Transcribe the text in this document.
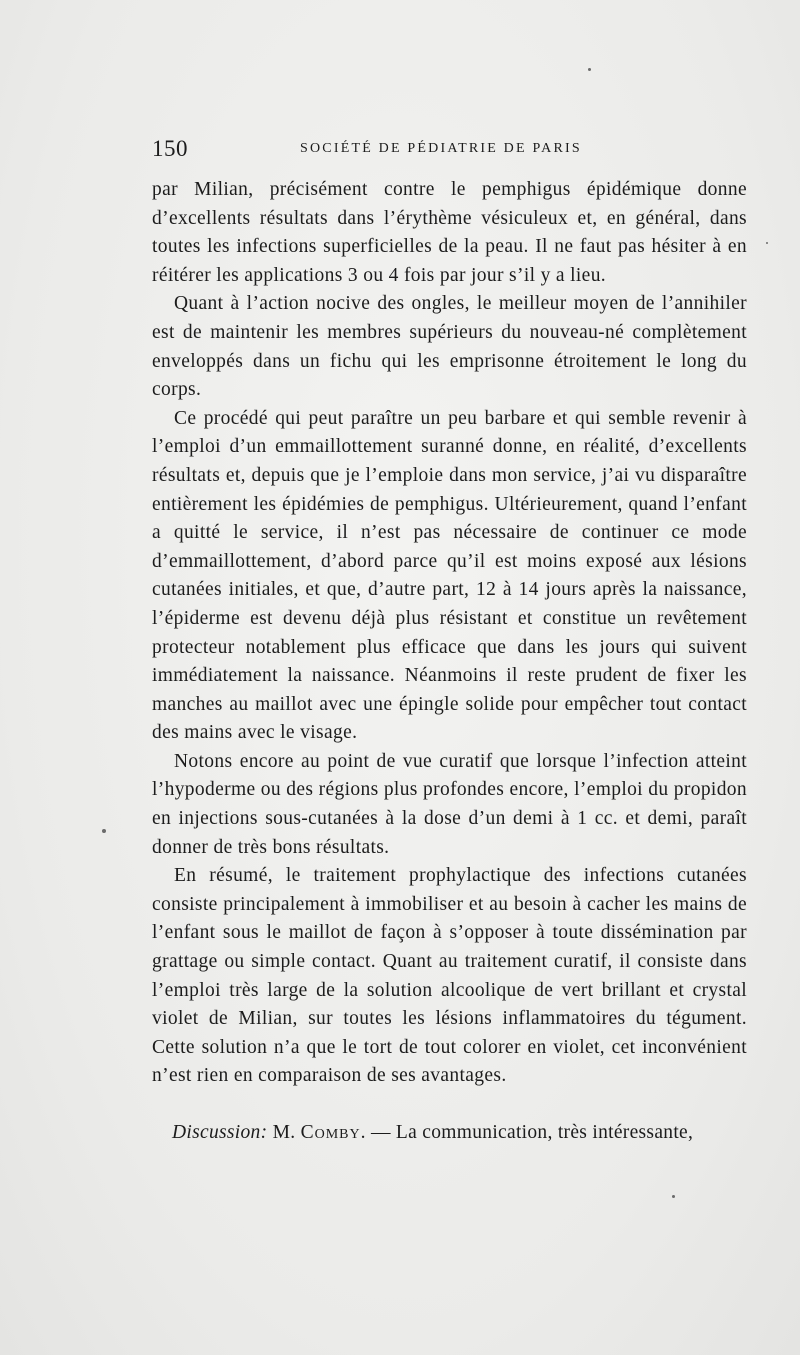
150	SOCIÉTÉ DE PÉDIATRIE DE PARIS

par Milian, précisément contre le pemphigus épidémique donne d’excellents résultats dans l’érythème vésiculeux et, en général, dans toutes les infections superficielles de la peau. Il ne faut pas hésiter à en réitérer les applications 3 ou 4 fois par jour s’il y a lieu.

Quant à l’action nocive des ongles, le meilleur moyen de l’annihiler est de maintenir les membres supérieurs du nouveau-né complètement enveloppés dans un fichu qui les emprisonne étroitement le long du corps.

Ce procédé qui peut paraître un peu barbare et qui semble revenir à l’emploi d’un emmaillottement suranné donne, en réalité, d’excellents résultats et, depuis que je l’emploie dans mon service, j’ai vu disparaître entièrement les épidémies de pemphigus. Ultérieurement, quand l’enfant a quitté le service, il n’est pas nécessaire de continuer ce mode d’emmaillottement, d’abord parce qu’il est moins exposé aux lésions cutanées initiales, et que, d’autre part, 12 à 14 jours après la naissance, l’épiderme est devenu déjà plus résistant et constitue un revêtement protecteur notablement plus efficace que dans les jours qui suivent immédiatement la naissance. Néanmoins il reste prudent de fixer les manches au maillot avec une épingle solide pour empêcher tout contact des mains avec le visage.

Notons encore au point de vue curatif que lorsque l’infection atteint l’hypoderme ou des régions plus profondes encore, l’emploi du propidon en injections sous-cutanées à la dose d’un demi à 1 cc. et demi, paraît donner de très bons résultats.

En résumé, le traitement prophylactique des infections cutanées consiste principalement à immobiliser et au besoin à cacher les mains de l’enfant sous le maillot de façon à s’opposer à toute dissémination par grattage ou simple contact. Quant au traitement curatif, il consiste dans l’emploi très large de la solution alcoolique de vert brillant et crystal violet de Milian, sur toutes les lésions inflammatoires du tégument. Cette solution n’a que le tort de tout colorer en violet, cet inconvénient n’est rien en comparaison de ses avantages.

Discussion: M. Comby. — La communication, très intéressante,
